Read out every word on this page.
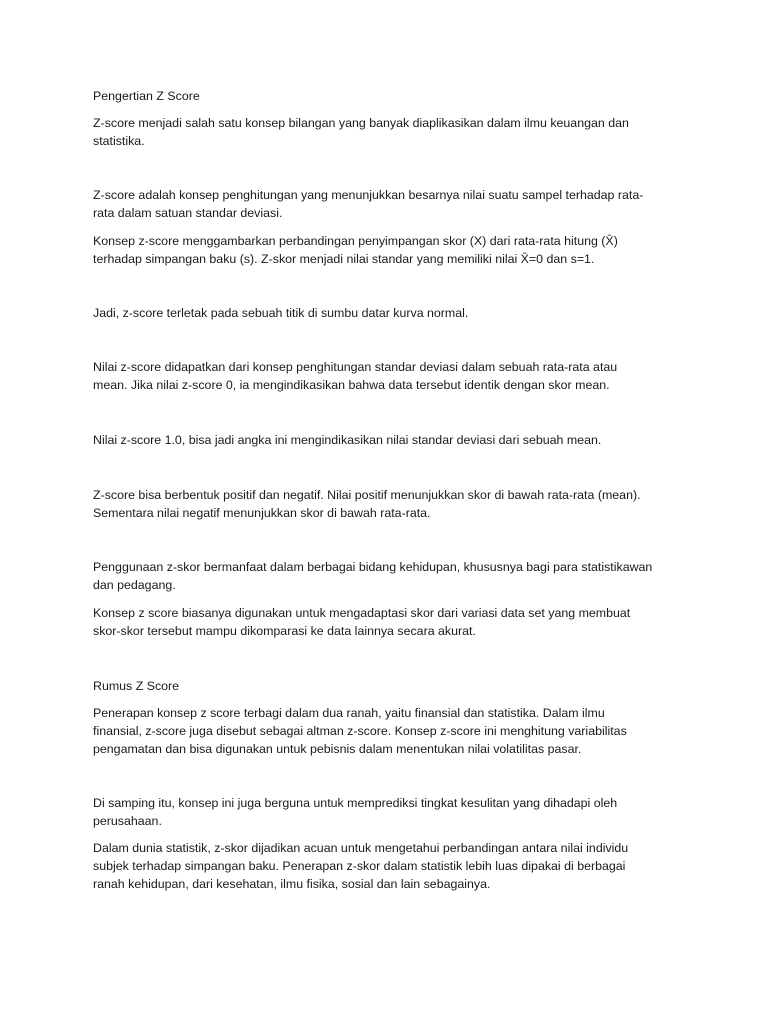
Pengertian Z Score

Z-score menjadi salah satu konsep bilangan yang banyak diaplikasikan dalam ilmu keuangan dan
statistika.

Z-score adalah konsep penghitungan yang menunjukkan besarnya nilai suatu sampel terhadap rata-
rata dalam satuan standar deviasi.

Konsep z-score menggambarkan perbandingan penyimpangan skor (X) dari rata-rata hitung (X̄)
terhadap simpangan baku (s). Z-skor menjadi nilai standar yang memiliki nilai X̄=0 dan s=1.

Jadi, z-score terletak pada sebuah titik di sumbu datar kurva normal.

Nilai z-score didapatkan dari konsep penghitungan standar deviasi dalam sebuah rata-rata atau
mean. Jika nilai z-score 0, ia mengindikasikan bahwa data tersebut identik dengan skor mean.

Nilai z-score 1.0, bisa jadi angka ini mengindikasikan nilai standar deviasi dari sebuah mean.

Z-score bisa berbentuk positif dan negatif. Nilai positif menunjukkan skor di bawah rata-rata (mean).
Sementara nilai negatif menunjukkan skor di bawah rata-rata.

Penggunaan z-skor bermanfaat dalam berbagai bidang kehidupan, khususnya bagi para statistikawan
dan pedagang.

Konsep z score biasanya digunakan untuk mengadaptasi skor dari variasi data set yang membuat
skor-skor tersebut mampu dikomparasi ke data lainnya secara akurat.

Rumus Z Score

Penerapan konsep z score terbagi dalam dua ranah, yaitu finansial dan statistika. Dalam ilmu
finansial, z-score juga disebut sebagai altman z-score. Konsep z-score ini menghitung variabilitas
pengamatan dan bisa digunakan untuk pebisnis dalam menentukan nilai volatilitas pasar.

Di samping itu, konsep ini juga berguna untuk memprediksi tingkat kesulitan yang dihadapi oleh
perusahaan.

Dalam dunia statistik, z-skor dijadikan acuan untuk mengetahui perbandingan antara nilai individu
subjek terhadap simpangan baku. Penerapan z-skor dalam statistik lebih luas dipakai di berbagai
ranah kehidupan, dari kesehatan, ilmu fisika, sosial dan lain sebagainya.
